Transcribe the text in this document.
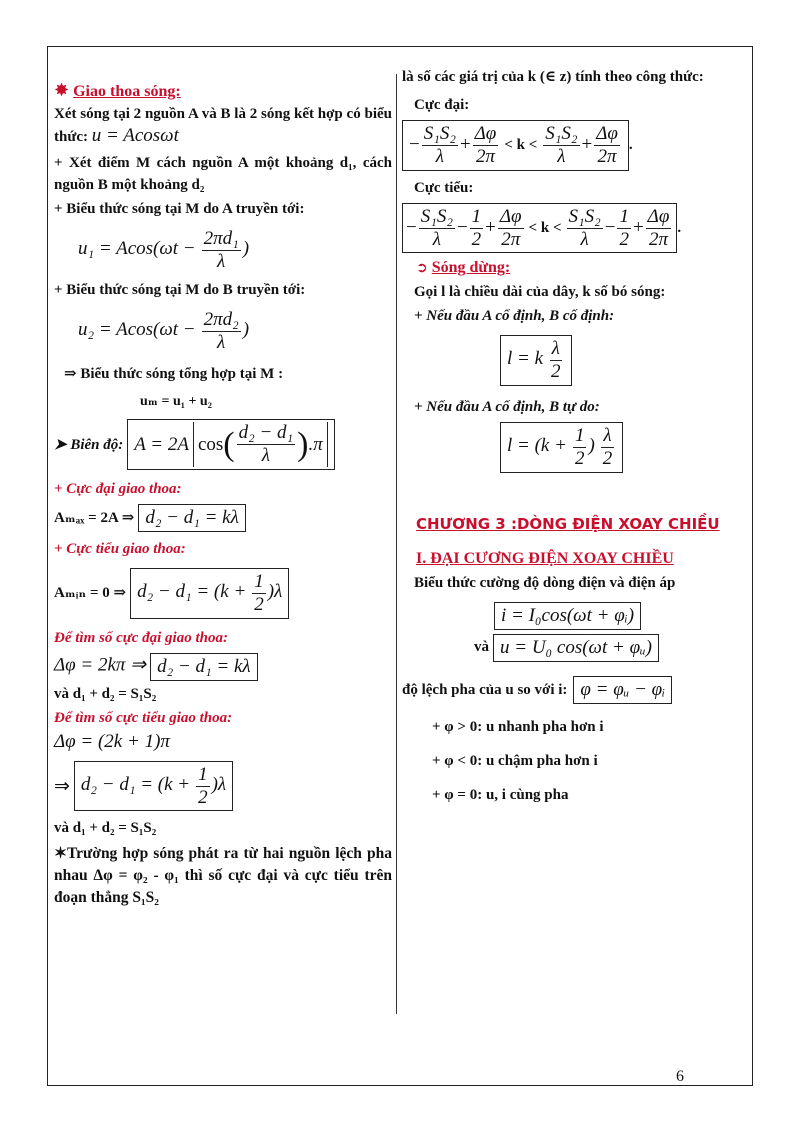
✸ Giao thoa sóng:
Xét sóng tại 2 nguồn A và B là 2 sóng kết hợp có biểu thức: u = Acosωt
+ Xét điểm M cách nguồn A một khoảng d₁, cách nguồn B một khoảng d₂
+ Biểu thức sóng tại M do A truyền tới:
$u_1 = Acos(\omega t - \frac{\text{2πd₁}}{\lambda}$ )
+ Biểu thức sóng tại M do B truyền tới:
$u_2 = Acos(\omega t - \frac{\text{2πd₂}}{\lambda}$ )
⇒ Biểu thức sóng tổng hợp tại M :
uₘ = u₁ + u₂
➤ Biên độ: A = 2A cos ( $\frac{\text{d₂ − d₁}}{\lambda}$ ) .π
+ Cực đại giao thoa:
Aₘₐₓ = 2A ⇒ d₂ − d₁ = kλ
+ Cực tiểu giao thoa:
Aₘᵢₙ = 0 ⇒ $d_2 - d_1 = (k + \frac{1}{2} )\lambda$
Để tìm số cực đại giao thoa:
Δφ = 2kπ ⇒ d₂ − d₁ = kλ
và d₁ + d₂ = S₁S₂
Để tìm số cực tiểu giao thoa:
Δφ = (2k + 1)π
⇒ $d_2 - d_1 = (k + \frac{1}{2} )\lambda$
và d₁ + d₂ = S₁S₂
✶Trường hợp sóng phát ra từ hai nguồn lệch pha nhau Δφ = φ₂ - φ₁ thì số cực đại và cực tiểu trên đoạn thẳng S₁S₂
là số các giá trị của k (∈ z) tính theo công thức:
Cực đại:
− $\frac{\text{S₁S₂}}{\lambda} + \frac{\Delta\varphi}{2\pi} < k < \frac{\text{S₁S₂}}{\lambda} + \frac{\Delta\varphi}{2\pi}$ .
Cực tiểu:
− $\frac{\text{S₁S₂}}{\lambda} - \frac{1}{2} + \frac{\Delta\varphi}{2\pi} < k < \frac{\text{S₁S₂}}{\lambda} - \frac{1}{2} + \frac{\Delta\varphi}{2\pi}$ .
➲ Sóng dừng:
Gọi l là chiều dài của dây, k số bó sóng:
+ Nếu đầu A cố định, B cố định:
l = k $\frac{\lambda}{2}$
+ Nếu đầu A cố định, B tự do:
$l = (k + \frac{1}{2}$ ) $\frac{\lambda}{2}$
CHƯƠNG 3 :DÒNG ĐIỆN XOAY CHIỀU
I. ĐẠI CƯƠNG ĐIỆN XOAY CHIỀU
Biểu thức cường độ dòng điện và điện áp
i = I₀cos(ωt + φᵢ)
và u = U₀ cos(ωt + φᵤ)
độ lệch pha của u so với i: φ = φᵤ − φᵢ
+ φ > 0: u nhanh pha hơn i
+ φ < 0: u chậm pha hơn i
+ φ = 0: u, i cùng pha
6
